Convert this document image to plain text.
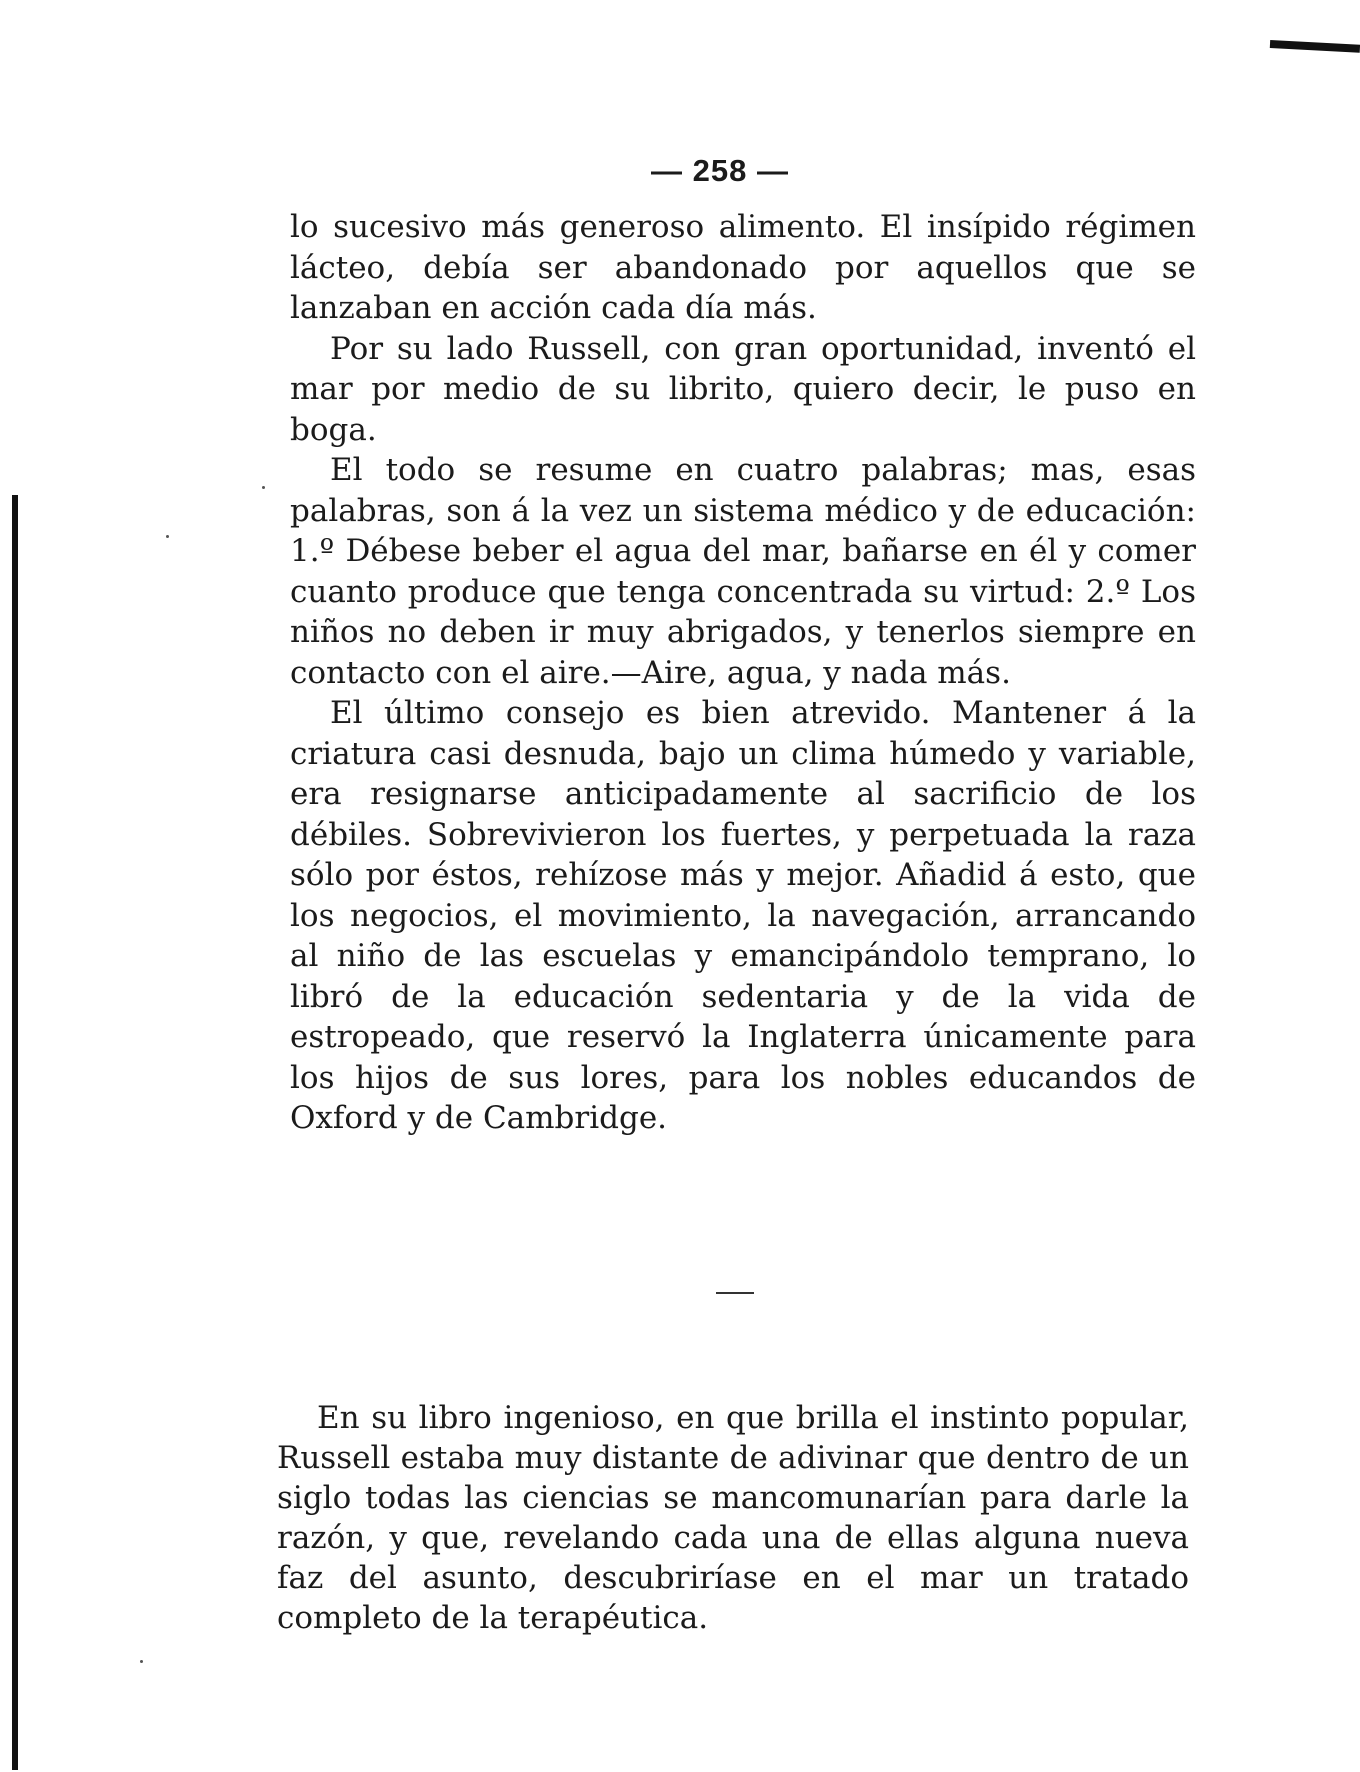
— 258 —

lo sucesivo más generoso alimento. El insípido régimen lácteo, debía ser abandonado por aquellos que se lanzaban en acción cada día más.

Por su lado Russell, con gran oportunidad, inventó el mar por medio de su librito, quiero decir, le puso en boga.

El todo se resume en cuatro palabras; mas, esas palabras, son á la vez un sistema médico y de educación: 1.º Débese beber el agua del mar, bañarse en él y comer cuanto produce que tenga concentrada su virtud: 2.º Los niños no deben ir muy abrigados, y tenerlos siempre en contacto con el aire.—Aire, agua, y nada más.

El último consejo es bien atrevido. Mantener á la criatura casi desnuda, bajo un clima húmedo y variable, era resignarse anticipadamente al sacrificio de los débiles. Sobrevivieron los fuertes, y perpetuada la raza sólo por éstos, rehízose más y mejor. Añadid á esto, que los negocios, el movimiento, la navegación, arrancando al niño de las escuelas y emancipándolo temprano, lo libró de la educación sedentaria y de la vida de estropeado, que reservó la Inglaterra únicamente para los hijos de sus lores, para los nobles educandos de Oxford y de Cambridge.

En su libro ingenioso, en que brilla el instinto popular, Russell estaba muy distante de adivinar que dentro de un siglo todas las ciencias se mancomunarían para darle la razón, y que, revelando cada una de ellas alguna nueva faz del asunto, descubriríase en el mar un tratado completo de la terapéutica.
